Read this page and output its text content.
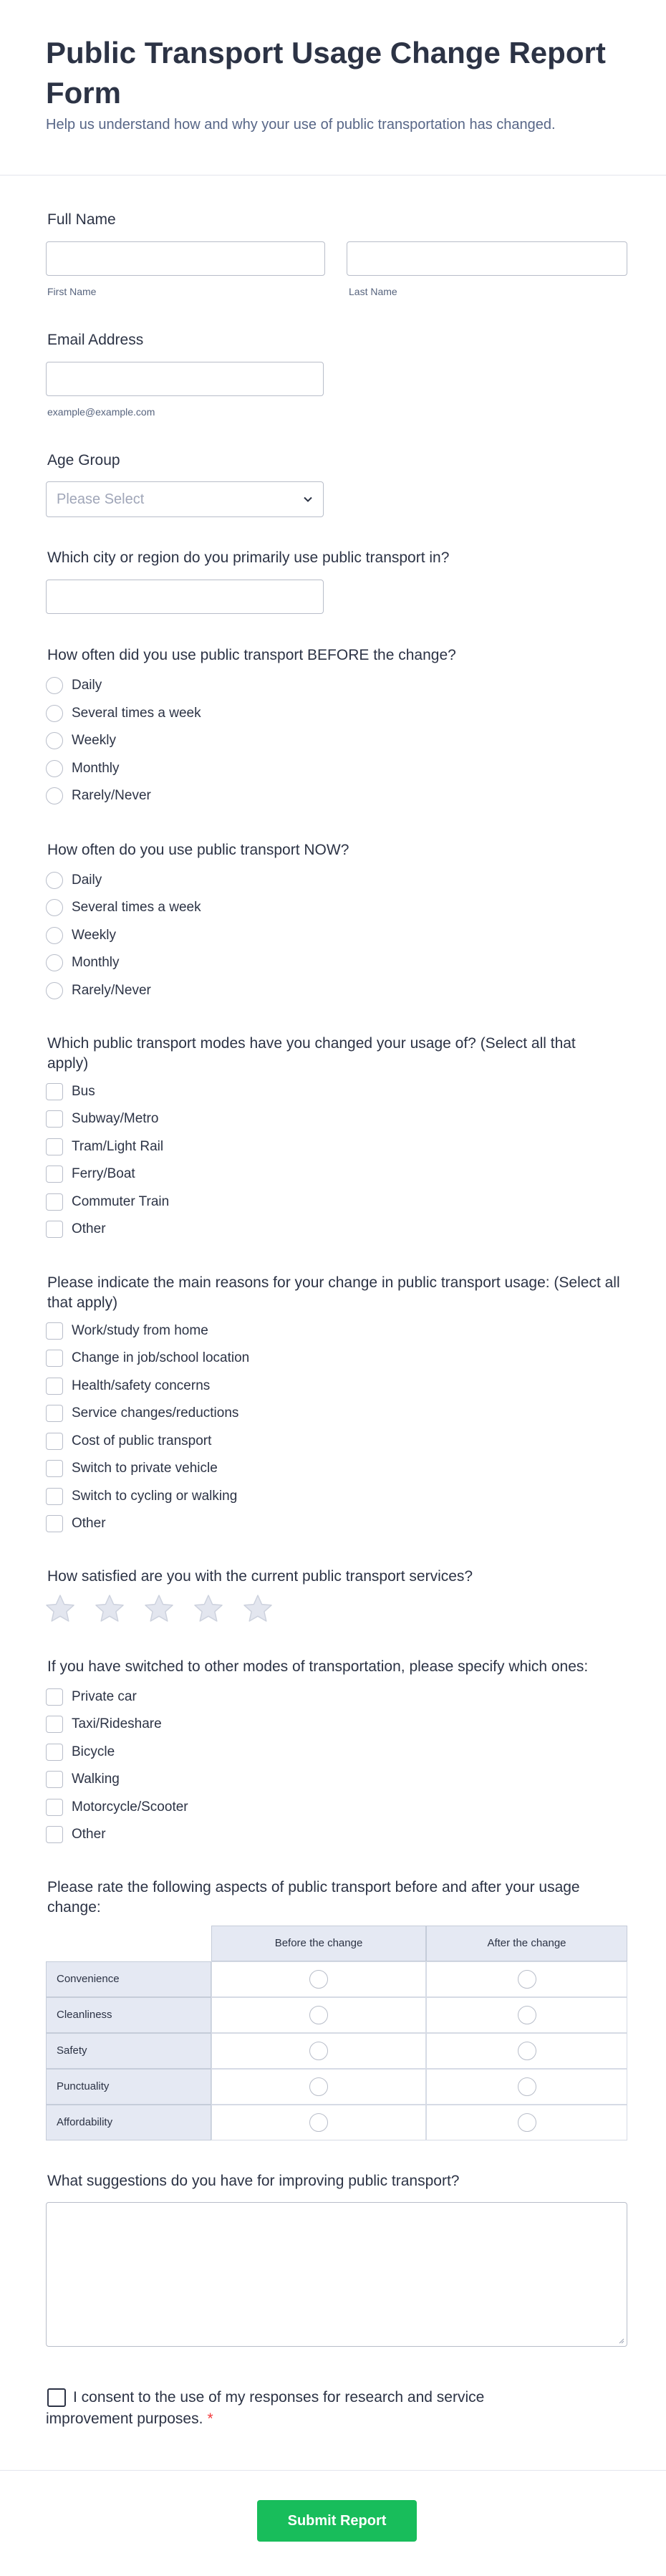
Public Transport Usage Change Report Form

Help us understand how and why your use of public transportation has changed.

Full Name
First Name	Last Name
Email Address
example@example.com
Age Group
Please Select
Which city or region do you primarily use public transport in?
How often did you use public transport BEFORE the change?
Daily
Several times a week
Weekly
Monthly
Rarely/Never
How often do you use public transport NOW?
Daily
Several times a week
Weekly
Monthly
Rarely/Never
Which public transport modes have you changed your usage of? (Select all that apply)
Bus
Subway/Metro
Tram/Light Rail
Ferry/Boat
Commuter Train
Other
Please indicate the main reasons for your change in public transport usage: (Select all that apply)
Work/study from home
Change in job/school location
Health/safety concerns
Service changes/reductions
Cost of public transport
Switch to private vehicle
Switch to cycling or walking
Other
How satisfied are you with the current public transport services?
If you have switched to other modes of transportation, please specify which ones:
Private car
Taxi/Rideshare
Bicycle
Walking
Motorcycle/Scooter
Other
Please rate the following aspects of public transport before and after your usage change:
Before the change	After the change
Convenience
Cleanliness
Safety
Punctuality
Affordability
What suggestions do you have for improving public transport?

I consent to the use of my responses for research and service improvement purposes. *

Submit Report
